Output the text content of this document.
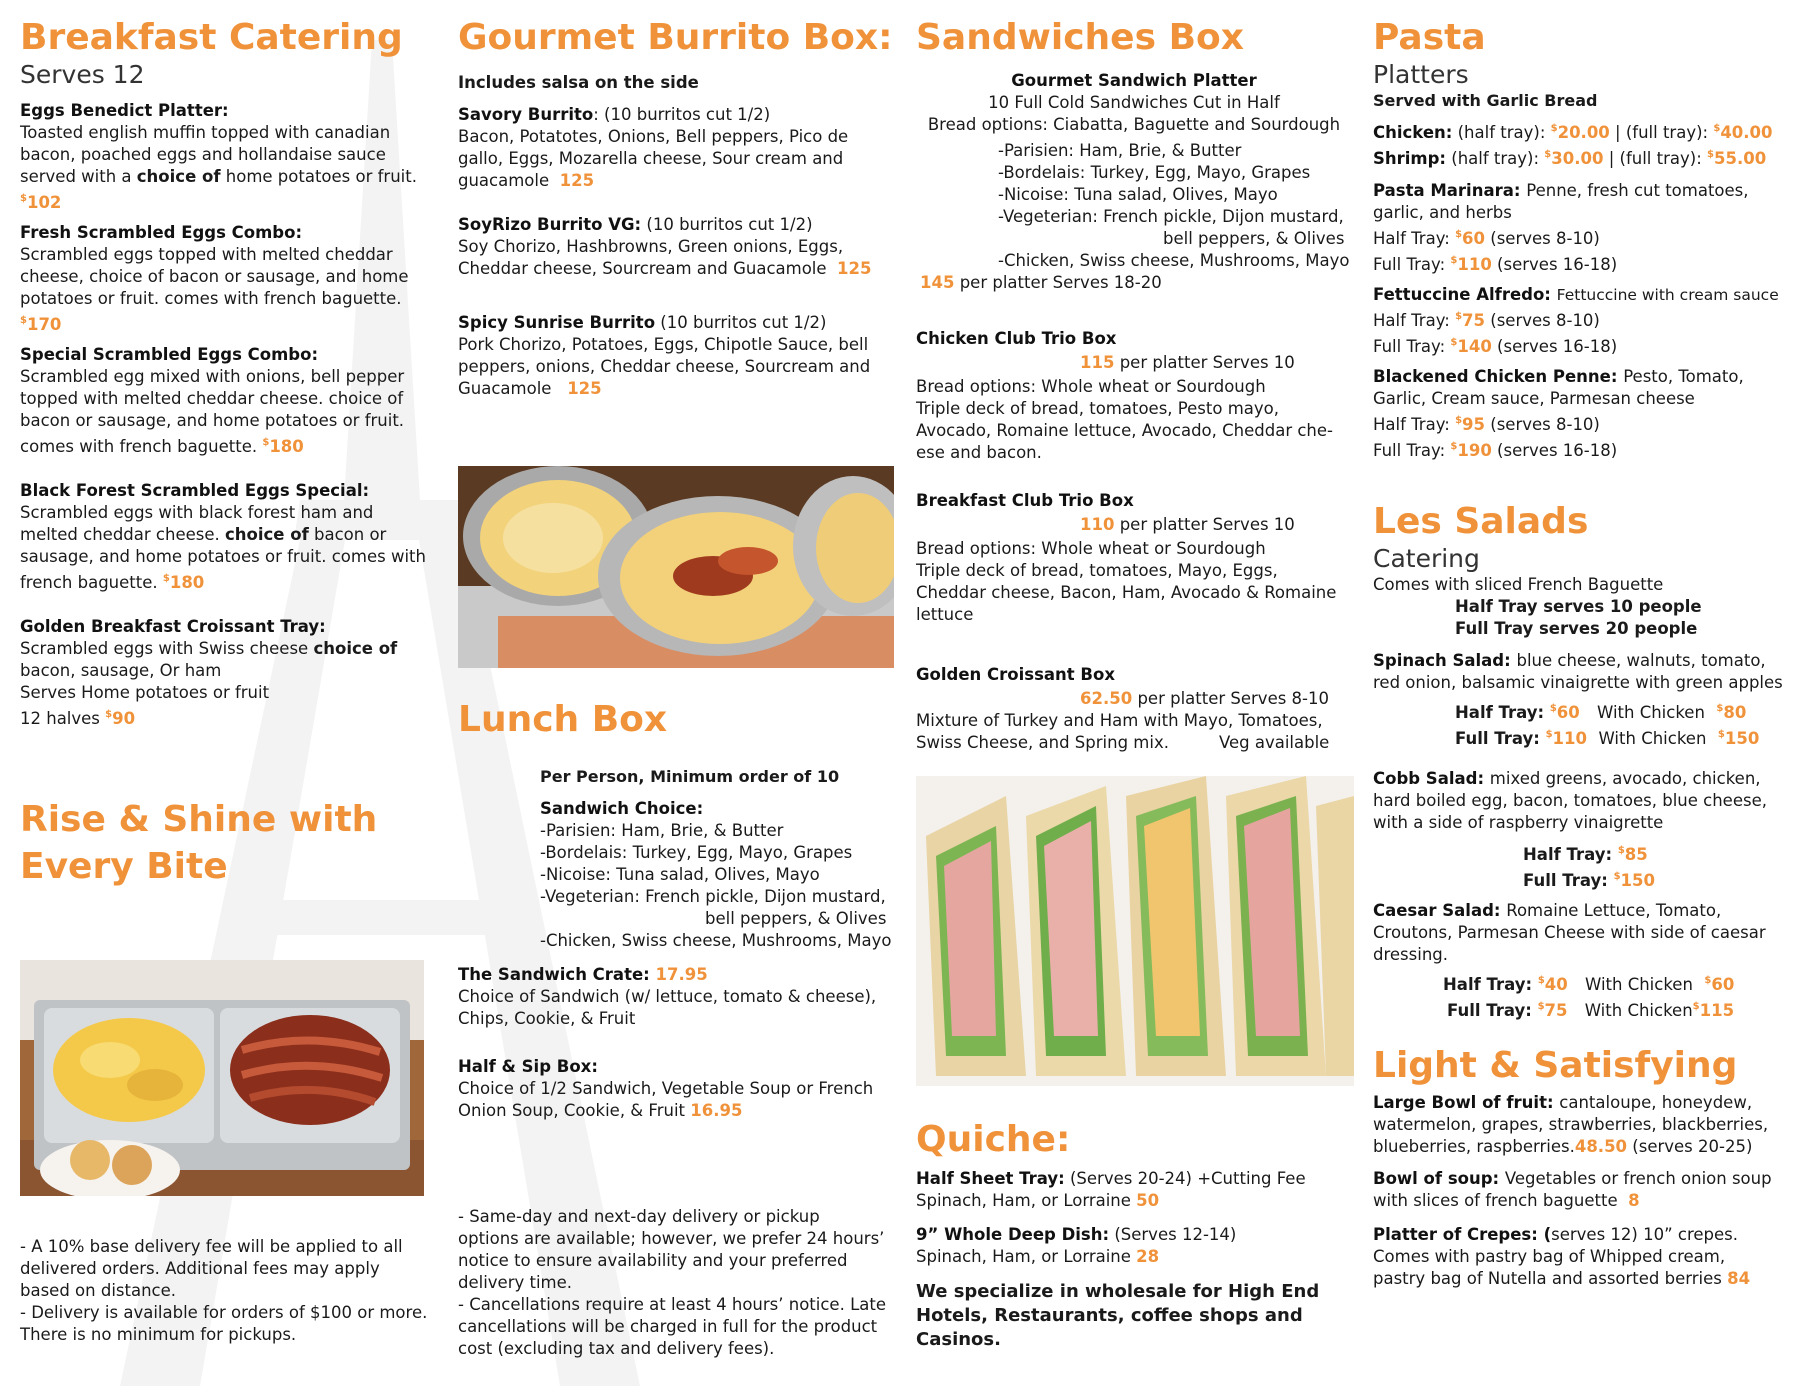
Breakfast Catering
Serves 12
Eggs Benedict Platter:
Toasted english muffin topped with canadian
bacon, poached eggs and hollandaise sauce
served with a choice of home potatoes or fruit.
$102
Fresh Scrambled Eggs Combo:
Scrambled eggs topped with melted cheddar
cheese, choice of bacon or sausage, and home
potatoes or fruit. comes with french baguette.
$170
Special Scrambled Eggs Combo:
Scrambled egg mixed with onions, bell pepper
topped with melted cheddar cheese. choice of
bacon or sausage, and home potatoes or fruit.
comes with french baguette. $180
Black Forest Scrambled Eggs Special:
Scrambled eggs with black forest ham and
melted cheddar cheese. choice of bacon or
sausage, and home potatoes or fruit. comes with
french baguette. $180
Golden Breakfast Croissant Tray:
Scrambled eggs with Swiss cheese choice of
bacon, sausage, Or ham
Serves Home potatoes or fruit
12 halves $90
Rise & Shine with
Every Bite
- A 10% base delivery fee will be applied to all
delivered orders. Additional fees may apply
based on distance.
- Delivery is available for orders of $100 or more.
There is no minimum for pickups.
Gourmet Burrito Box:
Includes salsa on the side
Savory Burrito: (10 burritos cut 1/2)
Bacon, Potatotes, Onions, Bell peppers, Pico de
gallo, Eggs, Mozarella cheese, Sour cream and
guacamole 125
SoyRizo Burrito VG: (10 burritos cut 1/2)
Soy Chorizo, Hashbrowns, Green onions, Eggs,
Cheddar cheese, Sourcream and Guacamole 125
Spicy Sunrise Burrito (10 burritos cut 1/2)
Pork Chorizo, Potatoes, Eggs, Chipotle Sauce, bell
peppers, onions, Cheddar cheese, Sourcream and
Guacamole 125
Lunch Box
Per Person, Minimum order of 10
Sandwich Choice:
-Parisien: Ham, Brie, & Butter
-Bordelais: Turkey, Egg, Mayo, Grapes
-Nicoise: Tuna salad, Olives, Mayo
-Vegeterian: French pickle, Dijon mustard,
bell peppers, & Olives
-Chicken, Swiss cheese, Mushrooms, Mayo
The Sandwich Crate: 17.95
Choice of Sandwich (w/ lettuce, tomato & cheese),
Chips, Cookie, & Fruit
Half & Sip Box:
Choice of 1/2 Sandwich, Vegetable Soup or French
Onion Soup, Cookie, & Fruit 16.95
- Same-day and next-day delivery or pickup
options are available; however, we prefer 24 hours’
notice to ensure availability and your preferred
delivery time.
- Cancellations require at least 4 hours’ notice. Late
cancellations will be charged in full for the product
cost (excluding tax and delivery fees).
Sandwiches Box
Gourmet Sandwich Platter
10 Full Cold Sandwiches Cut in Half
Bread options: Ciabatta, Baguette and Sourdough
-Parisien: Ham, Brie, & Butter
-Bordelais: Turkey, Egg, Mayo, Grapes
-Nicoise: Tuna salad, Olives, Mayo
-Vegeterian: French pickle, Dijon mustard,
bell peppers, & Olives
-Chicken, Swiss cheese, Mushrooms, Mayo
145 per platter Serves 18-20
Chicken Club Trio Box

115 per platter Serves 10
Bread options: Whole wheat or Sourdough
Triple deck of bread, tomatoes, Pesto mayo,
Avocado, Romaine lettuce, Avocado, Cheddar che-
ese and bacon.
Breakfast Club Trio Box

110 per platter Serves 10
Bread options: Whole wheat or Sourdough
Triple deck of bread, tomatoes, Mayo, Eggs,
Cheddar cheese, Bacon, Ham, Avocado & Romaine
lettuce
Golden Croissant Box

62.50 per platter Serves 8-10
Mixture of Turkey and Ham with Mayo, Tomatoes,
Swiss Cheese, and Spring mix.	Veg available
Quiche:
Half Sheet Tray: (Serves 20-24) +Cutting Fee
Spinach, Ham, or Lorraine 50
9” Whole Deep Dish: (Serves 12-14)
Spinach, Ham, or Lorraine 28
We specialize in wholesale for High End
Hotels, Restaurants, coffee shops and
Casinos.
Pasta
Platters
Served with Garlic Bread
Chicken: (half tray): $20.00 | (full tray): $40.00
Shrimp: (half tray): $30.00 | (full tray): $55.00
Pasta Marinara: Penne, fresh cut tomatoes,
garlic, and herbs
Half Tray: $60 (serves 8-10)
Full Tray: $110 (serves 16-18)
Fettuccine Alfredo: Fettuccine with cream sauce
Half Tray: $75 (serves 8-10)
Full Tray: $140 (serves 16-18)
Blackened Chicken Penne: Pesto, Tomato,
Garlic, Cream sauce, Parmesan cheese
Half Tray: $95 (serves 8-10)
Full Tray: $190 (serves 16-18)
Les Salads
Catering
Comes with sliced French Baguette
Half Tray serves 10 people
Full Tray serves 20 people
Spinach Salad: blue cheese, walnuts, tomato,
red onion, balsamic vinaigrette with green apples
Half Tray: $60 With Chicken $80
Full Tray: $110 With Chicken $150
Cobb Salad: mixed greens, avocado, chicken,
hard boiled egg, bacon, tomatoes, blue cheese,
with a side of raspberry vinaigrette
Half Tray: $85
Full Tray: $150
Caesar Salad: Romaine Lettuce, Tomato,
Croutons, Parmesan Cheese with side of caesar
dressing.
Half Tray: $40 With Chicken $60
Full Tray: $75 With Chicken$115
Light & Satisfying
Large Bowl of fruit: cantaloupe, honeydew,
watermelon, grapes, strawberries, blackberries,
blueberries, raspberries.48.50 (serves 20-25)
Bowl of soup: Vegetables or french onion soup
with slices of french baguette 8
Platter of Crepes: (serves 12) 10” crepes.
Comes with pastry bag of Whipped cream,
pastry bag of Nutella and assorted berries 84
